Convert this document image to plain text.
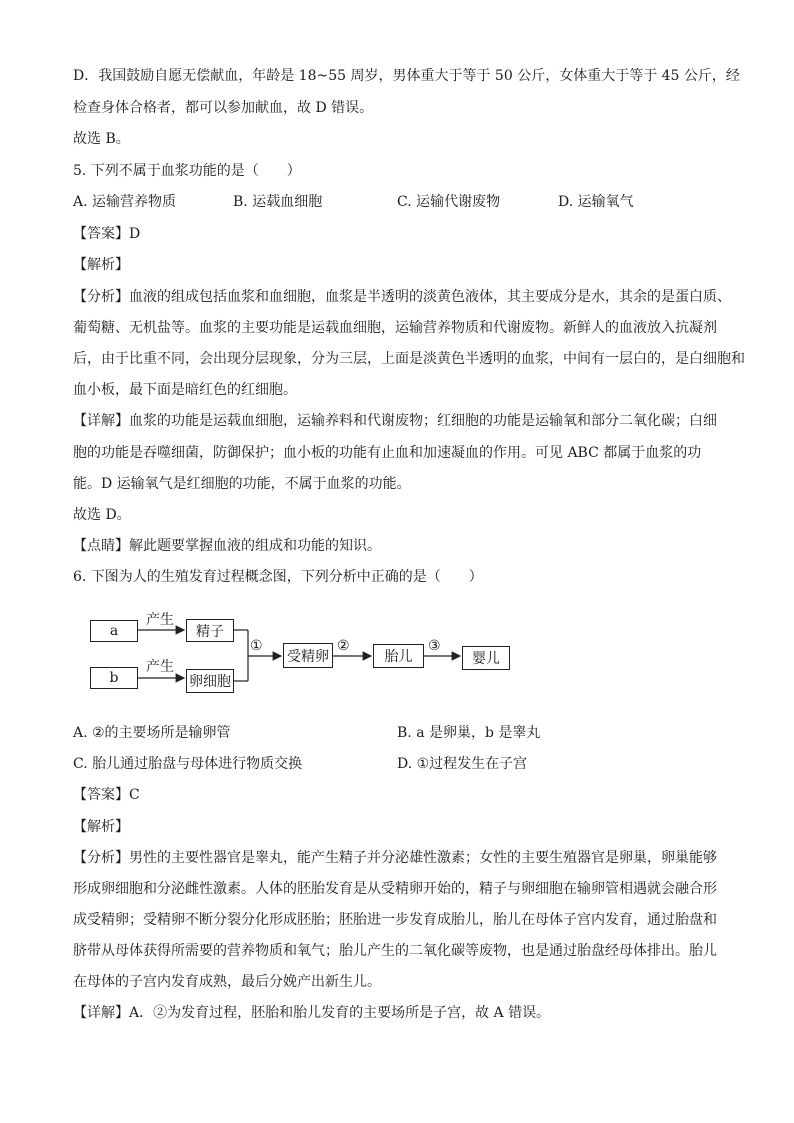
D．我国鼓励自愿无偿献血，年龄是 18~55 周岁，男体重大于等于 50 公斤，女体重大于等于 45 公斤，经
检查身体合格者，都可以参加献血，故 D 错误。
故选 B。
5. 下列不属于血浆功能的是（　　）
A. 运输营养物质	B. 运载血细胞	C. 运输代谢废物	D. 运输氧气
【答案】D
【解析】
【分析】血液的组成包括血浆和血细胞，血浆是半透明的淡黄色液体，其主要成分是水，其余的是蛋白质、
葡萄糖、无机盐等。血浆的主要功能是运载血细胞，运输营养物质和代谢废物。新鲜人的血液放入抗凝剂
后，由于比重不同，会出现分层现象，分为三层，上面是淡黄色半透明的血浆，中间有一层白的，是白细胞和
血小板，最下面是暗红色的红细胞。
【详解】血浆的功能是运载血细胞，运输养料和代谢废物；红细胞的功能是运输氧和部分二氧化碳；白细
胞的功能是吞噬细菌，防御保护；血小板的功能有止血和加速凝血的作用。可见 ABC 都属于血浆的功
能。D 运输氧气是红细胞的功能，不属于血浆的功能。
故选 D。
【点睛】解此题要掌握血液的组成和功能的知识。
6. 下图为人的生殖发育过程概念图，下列分析中正确的是（　　）
a
b
精子
卵细胞
受精卵	胎儿	婴儿
产生
产生
①	②	③
A. ②的主要场所是输卵管	B. a 是卵巢，b 是睾丸
C. 胎儿通过胎盘与母体进行物质交换	D. ①过程发生在子宫
【答案】C
【解析】
【分析】男性的主要性器官是睾丸，能产生精子并分泌雄性激素；女性的主要生殖器官是卵巢，卵巢能够
形成卵细胞和分泌雌性激素。人体的胚胎发育是从受精卵开始的，精子与卵细胞在输卵管相遇就会融合形
成受精卵；受精卵不断分裂分化形成胚胎；胚胎进一步发育成胎儿，胎儿在母体子宫内发育，通过胎盘和
脐带从母体获得所需要的营养物质和氧气；胎儿产生的二氧化碳等废物，也是通过胎盘经母体排出。胎儿
在母体的子宫内发育成熟，最后分娩产出新生儿。
【详解】A．②为发育过程，胚胎和胎儿发育的主要场所是子宫，故 A 错误。
